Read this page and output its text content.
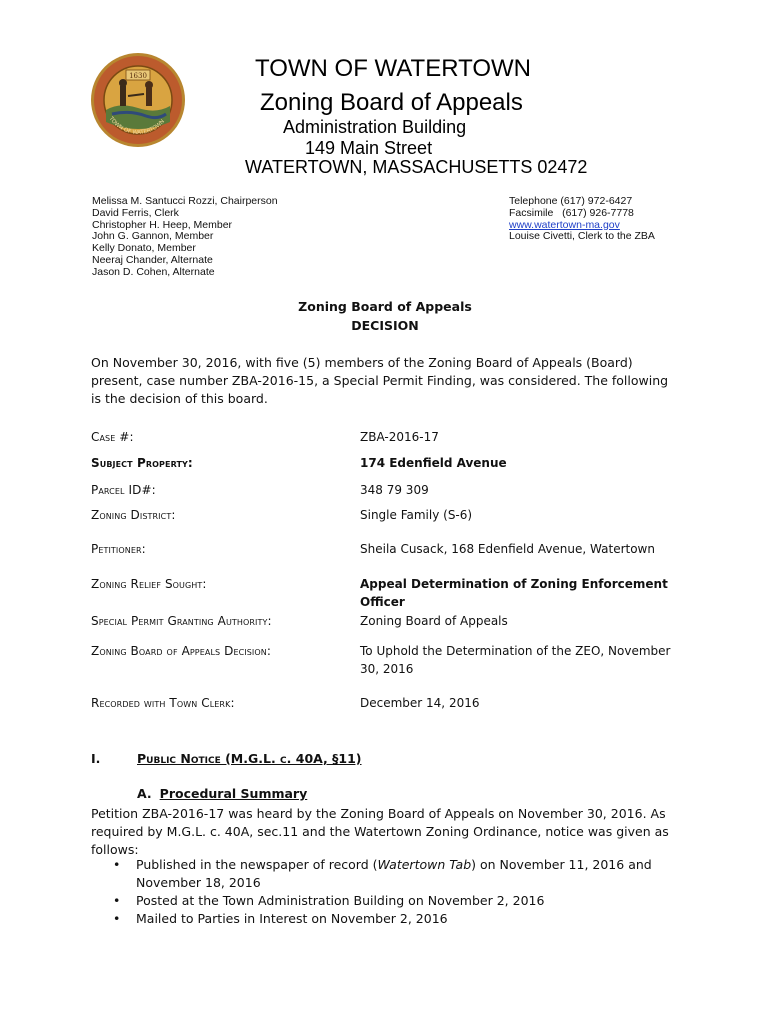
1630
TOWN OF WATERTOWN
TOWN OF WATERTOWN
Zoning Board of Appeals
Administration Building
149 Main Street
WATERTOWN, MASSACHUSETTS 02472
Melissa M. Santucci Rozzi, Chairperson
David Ferris, Clerk
Christopher H. Heep, Member
John G. Gannon, Member
Kelly Donato, Member
Neeraj Chander, Alternate
Jason D. Cohen, Alternate
Telephone (617) 972-6427
Facsimile   (617) 926-7778
www.watertown-ma.gov
Louise Civetti, Clerk to the ZBA
Zoning Board of Appeals
DECISION
On November 30, 2016, with five (5) members of the Zoning Board of Appeals (Board) present, case number ZBA-2016-15, a Special Permit Finding, was considered. The following is the decision of this board.
Case #:	ZBA-2016-17
Subject Property:	174 Edenfield Avenue
Parcel ID#:	348 79 309
Zoning District:	Single Family (S-6)
Petitioner:	Sheila Cusack, 168 Edenfield Avenue, Watertown
Zoning Relief Sought:	Appeal Determination of Zoning Enforcement Officer
Special Permit Granting Authority:	Zoning Board of Appeals
Zoning Board of Appeals Decision:	To Uphold the Determination of the ZEO, November 30, 2016
Recorded with Town Clerk:	December 14, 2016
I.	Public Notice (M.G.L. c. 40A, §11)
A. Procedural Summary
Petition ZBA-2016-17 was heard by the Zoning Board of Appeals on November 30, 2016. As required by M.G.L. c. 40A, sec.11 and the Watertown Zoning Ordinance, notice was given as follows:
• Published in the newspaper of record (Watertown Tab) on November 11, 2016 and November 18, 2016
• Posted at the Town Administration Building on November 2, 2016
• Mailed to Parties in Interest on November 2, 2016
